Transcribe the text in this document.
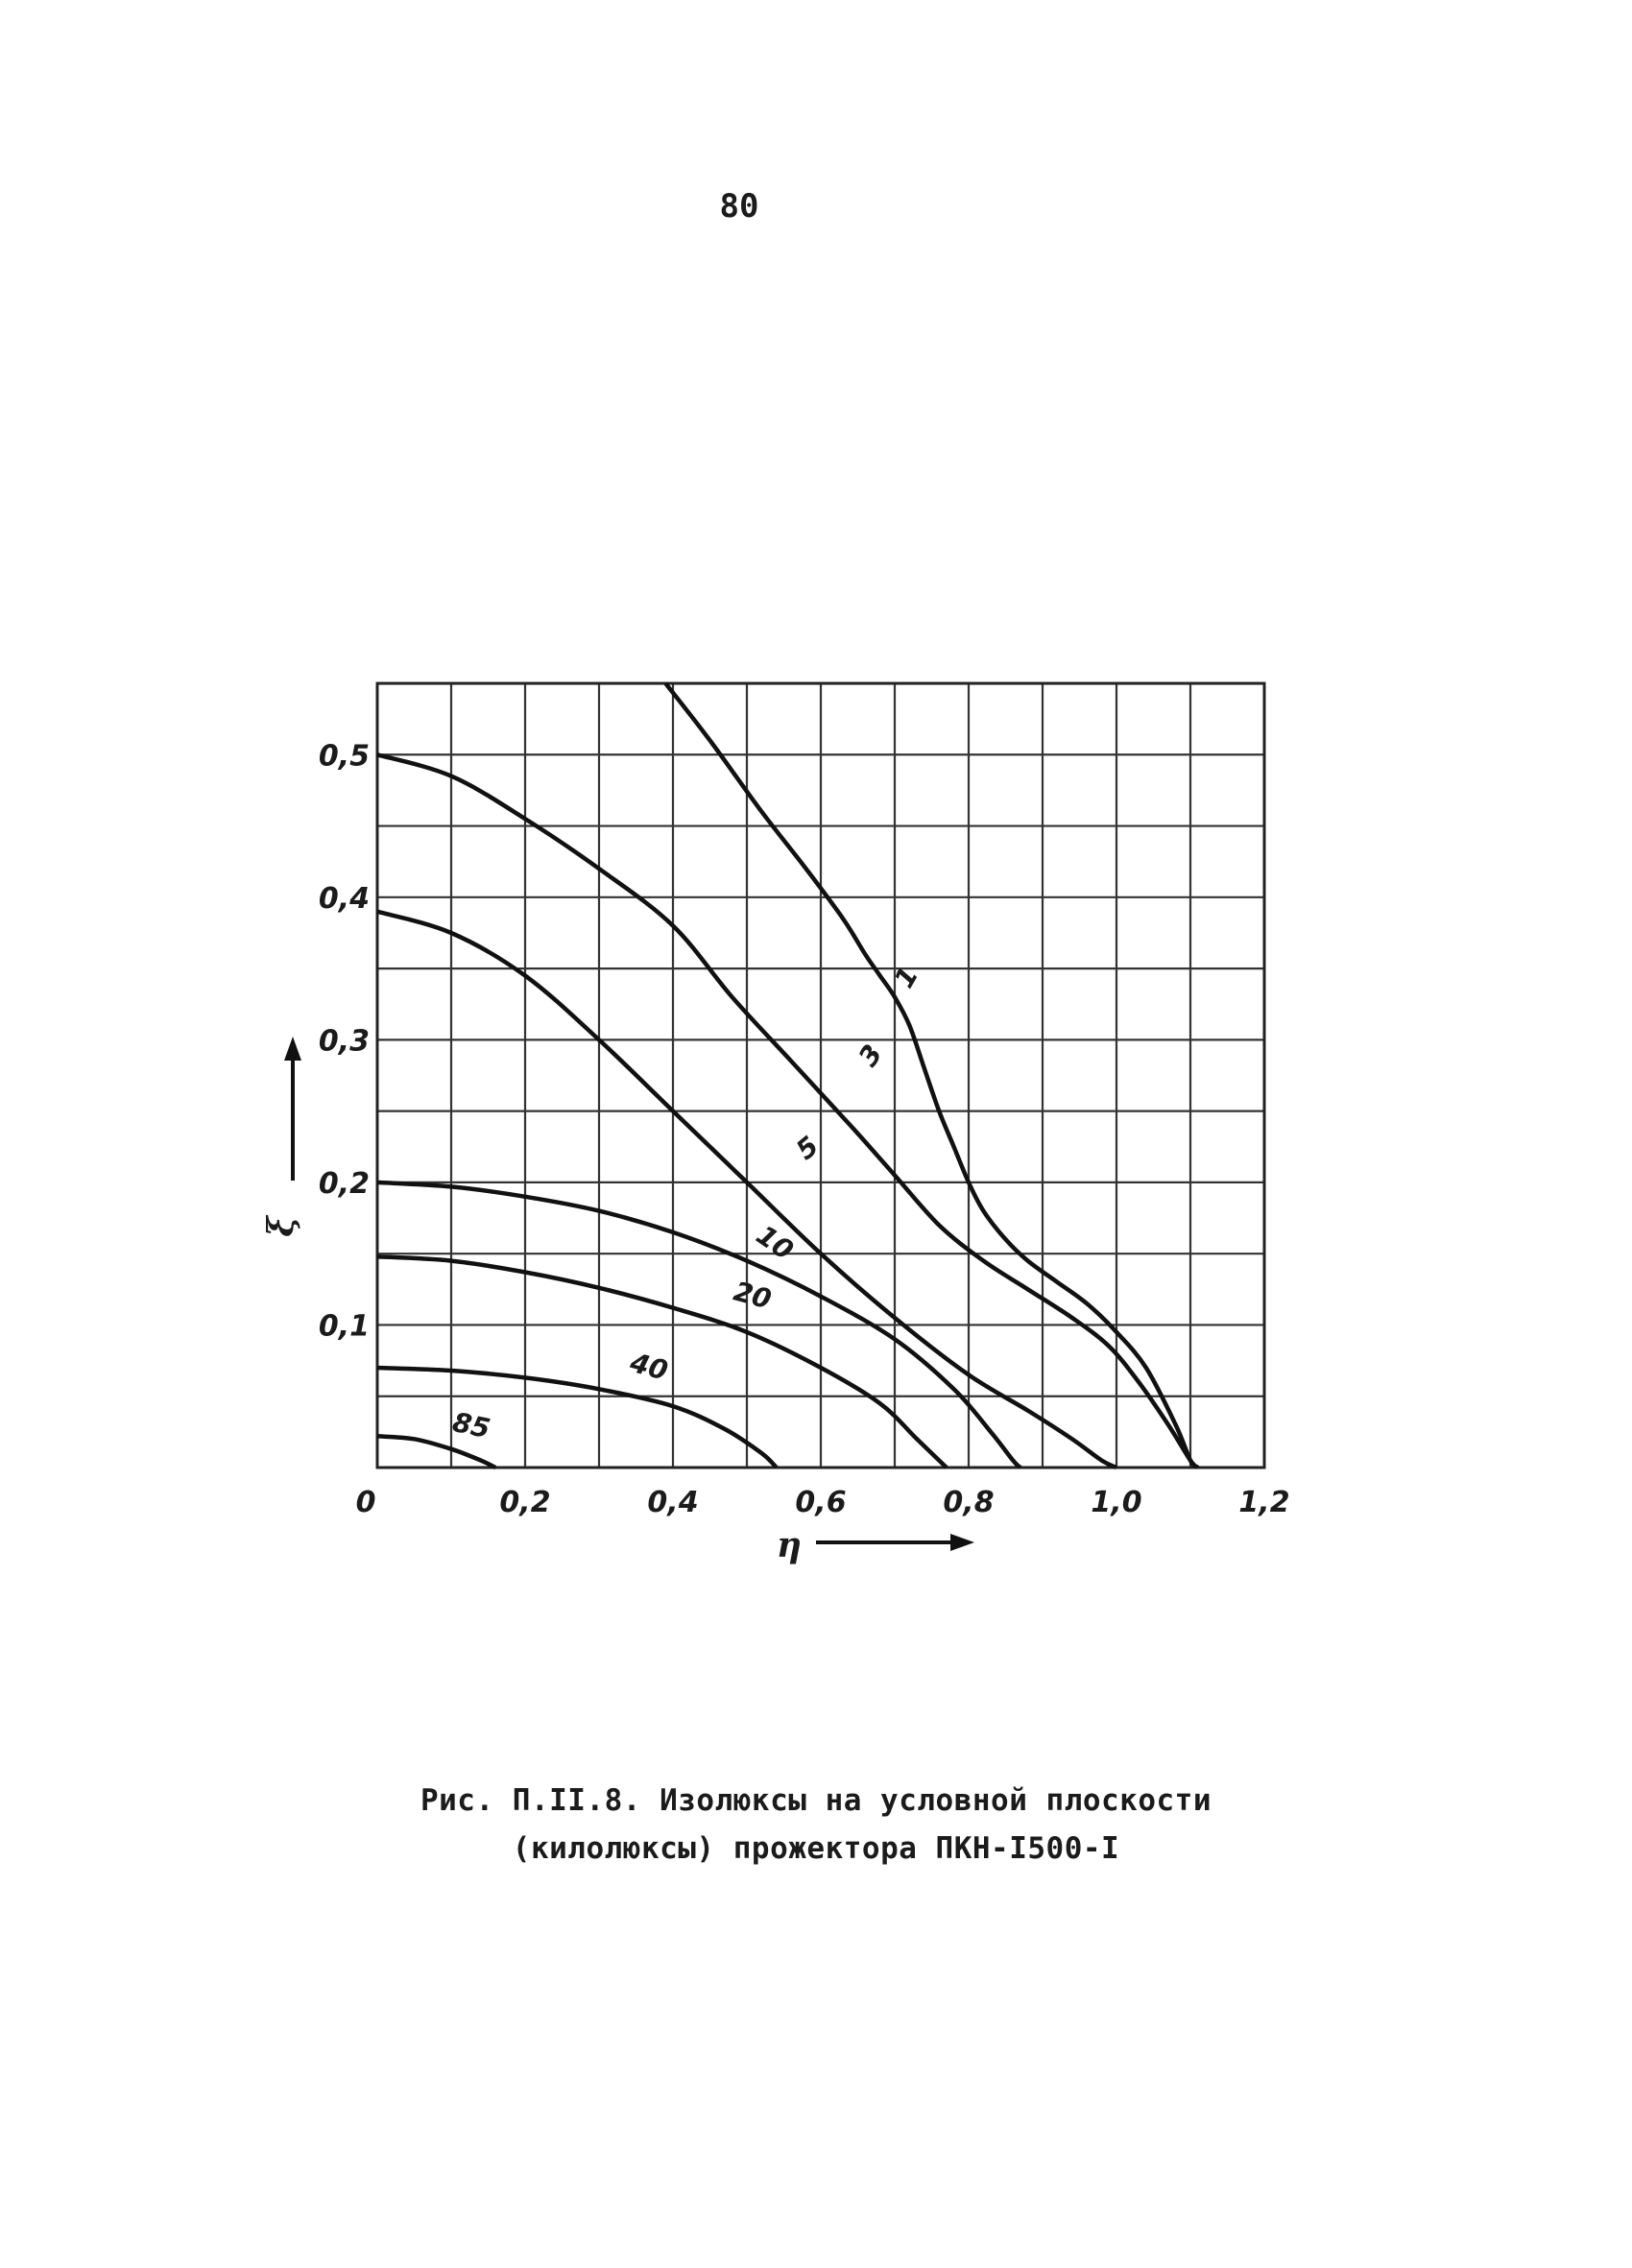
80
0	0,2	0,4	0,6	0,8	1,0	1,2
0,1
0,2
0,3
0,4
0,5
1
3
5
10
20
40
85
η
ξ
Рис. П.II.8. Изолюксы на условной плоскости
(килолюксы) прожектора ПКН-I500-I
